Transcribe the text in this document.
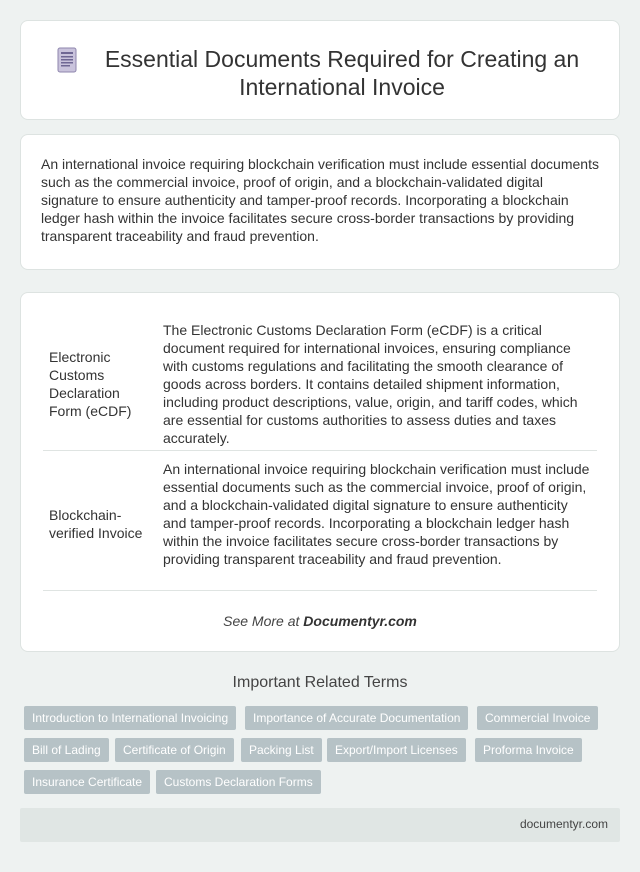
Essential Documents Required for Creating an International Invoice

An international invoice requiring blockchain verification must include essential documents such as the commercial invoice, proof of origin, and a blockchain-validated digital signature to ensure authenticity and tamper-proof records. Incorporating a blockchain ledger hash within the invoice facilitates secure cross-border transactions by providing transparent traceability and fraud prevention.

Electronic Customs Declaration Form (eCDF)
The Electronic Customs Declaration Form (eCDF) is a critical document required for international invoices, ensuring compliance with customs regulations and facilitating the smooth clearance of goods across borders. It contains detailed shipment information, including product descriptions, value, origin, and tariff codes, which are essential for customs authorities to assess duties and taxes accurately.
Blockchain-verified Invoice
An international invoice requiring blockchain verification must include essential documents such as the commercial invoice, proof of origin, and a blockchain-validated digital signature to ensure authenticity and tamper-proof records. Incorporating a blockchain ledger hash within the invoice facilitates secure cross-border transactions by providing transparent traceability and fraud prevention.
See More at Documentyr.com
Important Related Terms
Introduction to International Invoicing	Importance of Accurate Documentation	Commercial Invoice
Bill of Lading	Certificate of Origin	Packing List	Export/Import Licenses	Proforma Invoice
Insurance Certificate	Customs Declaration Forms
documentyr.com
